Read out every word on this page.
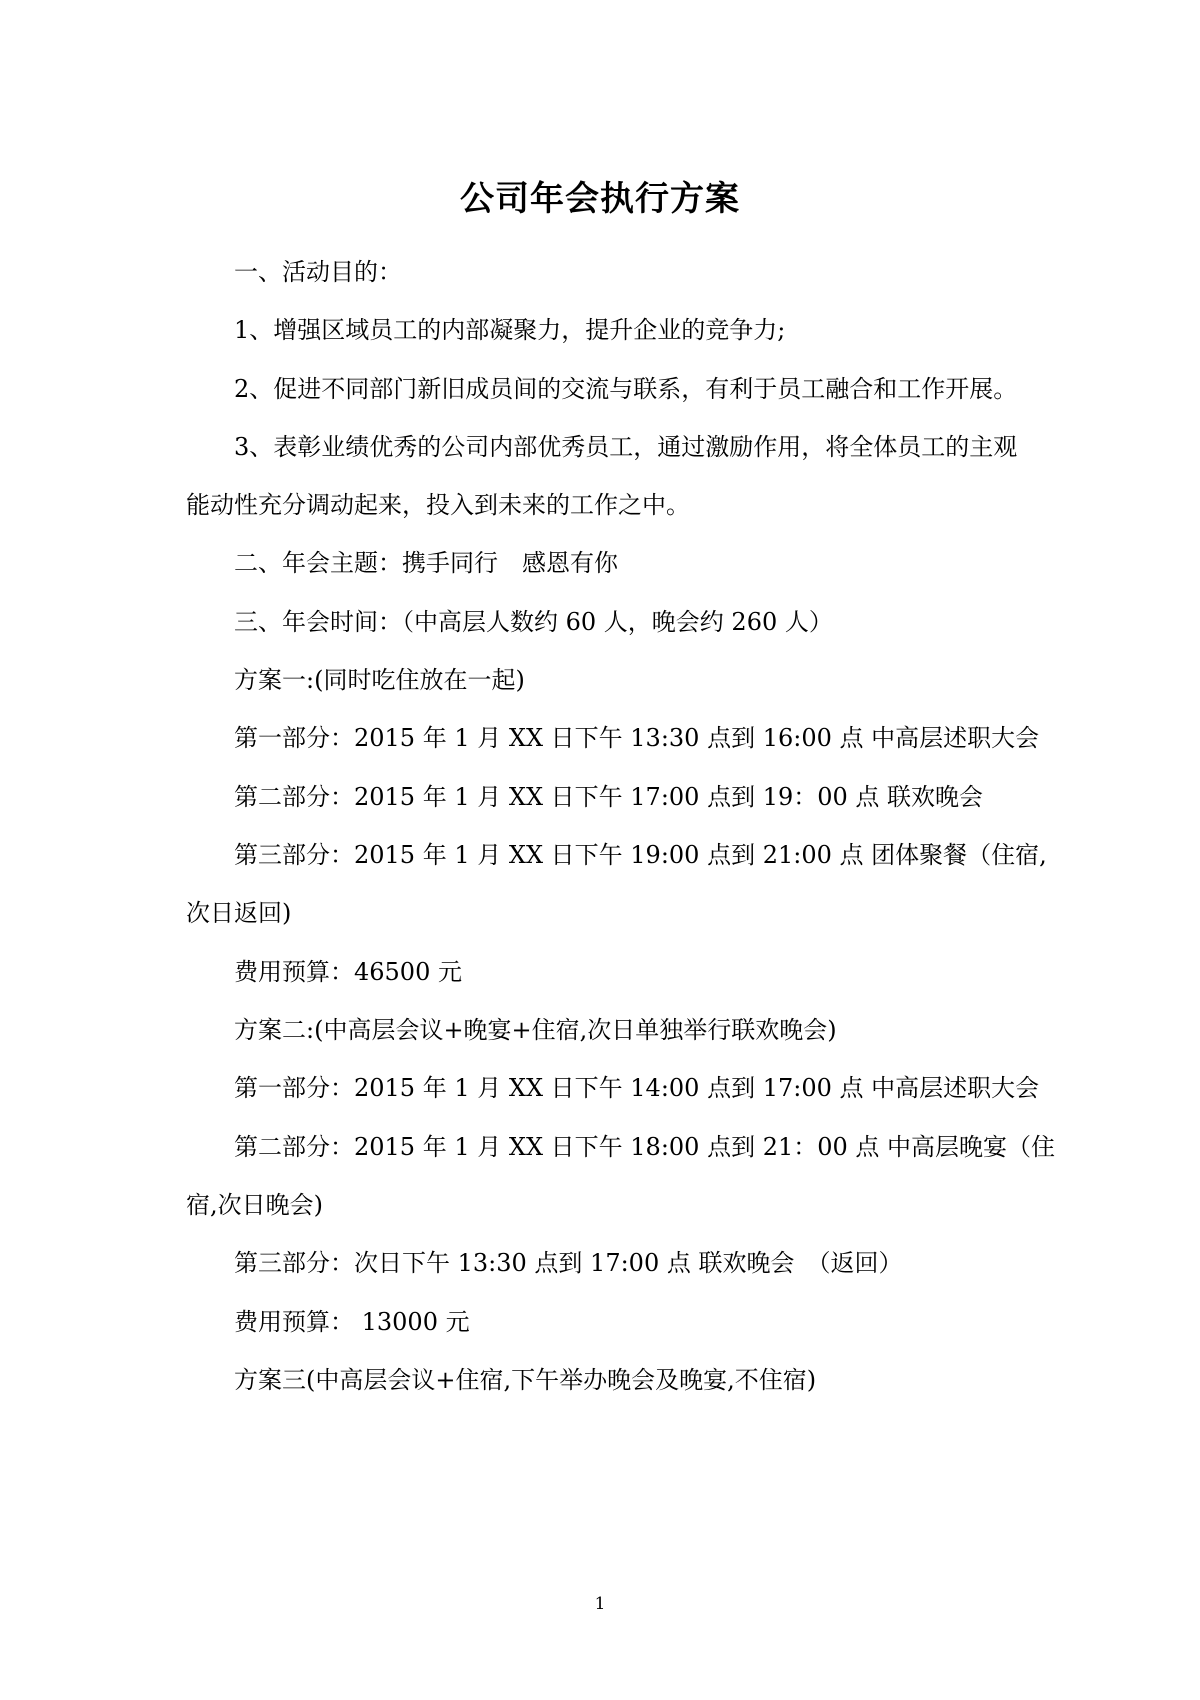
公司年会执行方案
一、活动目的：
1、增强区域员工的内部凝聚力，提升企业的竞争力;
2、促进不同部门新旧成员间的交流与联系，有利于员工融合和工作开展。
3、表彰业绩优秀的公司内部优秀员工，通过激励作用，将全体员工的主观
能动性充分调动起来，投入到未来的工作之中。
二、年会主题：携手同行　感恩有你
三、年会时间：（中高层人数约 60 人，晚会约 260 人）
方案一:(同时吃住放在一起)
第一部分：2015 年 1 月 XX 日下午 13:30 点到 16:00 点 中高层述职大会
第二部分：2015 年 1 月 XX 日下午 17:00 点到 19：00 点 联欢晚会
第三部分：2015 年 1 月 XX 日下午 19:00 点到 21:00 点 团体聚餐（住宿,
次日返回)
费用预算：46500 元
方案二:(中高层会议+晚宴+住宿,次日单独举行联欢晚会)
第一部分：2015 年 1 月 XX 日下午 14:00 点到 17:00 点 中高层述职大会
第二部分：2015 年 1 月 XX 日下午 18:00 点到 21：00 点 中高层晚宴（住
宿,次日晚会)
第三部分：次日下午 13:30 点到 17:00 点 联欢晚会　（返回）
费用预算： 13000 元
方案三(中高层会议+住宿,下午举办晚会及晚宴,不住宿)
1
